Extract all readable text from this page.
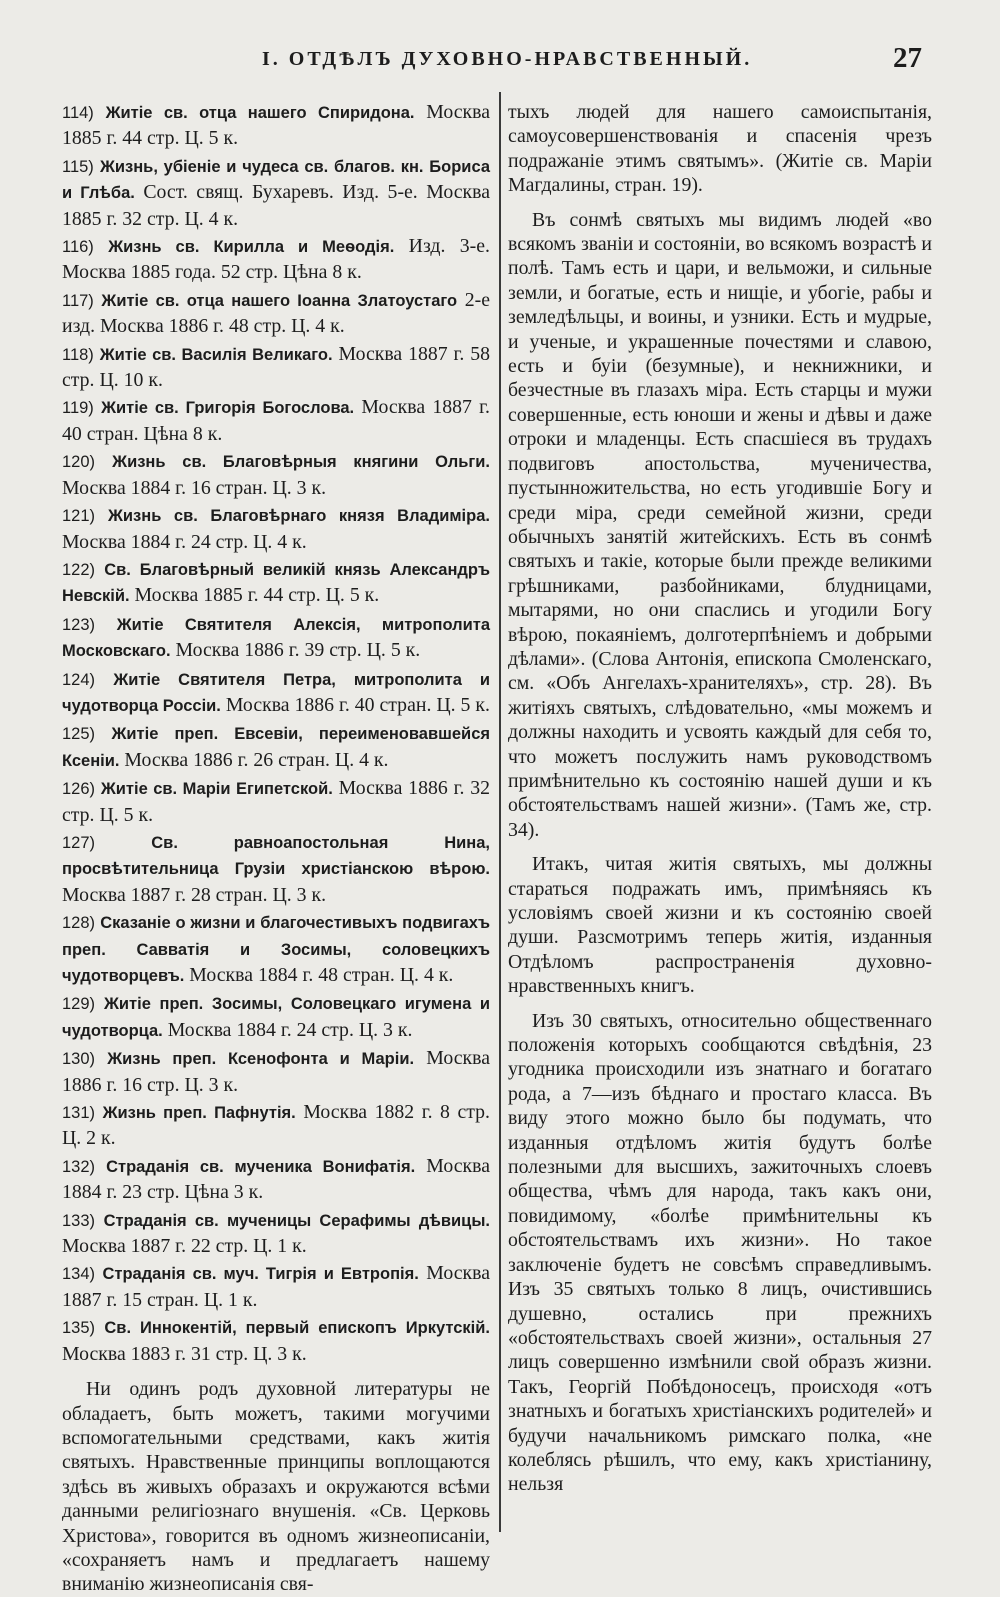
I. ОТДѢЛЪ ДУХОВНО-НРАВСТВЕННЫЙ.	27

114) Житіе св. отца нашего Спиридона. Москва 1885 г. 44 стр. Ц. 5 к.

115) Жизнь, убіеніе и чудеса св. благов. кн. Бориса и Глѣба. Сост. свящ. Бухаревъ. Изд. 5-е. Москва 1885 г. 32 стр. Ц. 4 к.

116) Жизнь св. Кирилла и Меѳодія. Изд. 3-е. Москва 1885 года. 52 стр. Цѣна 8 к.

117) Житіе св. отца нашего Іоанна Златоустаго 2-е изд. Москва 1886 г. 48 стр. Ц. 4 к.

118) Житіе св. Василія Великаго. Москва 1887 г. 58 стр. Ц. 10 к.

119) Житіе св. Григорія Богослова. Москва 1887 г. 40 стран. Цѣна 8 к.

120) Жизнь св. Благовѣрныя княгини Ольги. Москва 1884 г. 16 стран. Ц. 3 к.

121) Жизнь св. Благовѣрнаго князя Владиміра. Москва 1884 г. 24 стр. Ц. 4 к.

122) Св. Благовѣрный великій князь Александръ Невскій. Москва 1885 г. 44 стр. Ц. 5 к.

123) Житіе Святителя Алексія, митрополита Московскаго. Москва 1886 г. 39 стр. Ц. 5 к.

124) Житіе Святителя Петра, митрополита и чудотворца Россіи. Москва 1886 г. 40 стран. Ц. 5 к.

125) Житіе преп. Евсевіи, переименовавшейся Ксеніи. Москва 1886 г. 26 стран. Ц. 4 к.

126) Житіе св. Маріи Египетской. Москва 1886 г. 32 стр. Ц. 5 к.

127)	Св. равноапостольная Нина, просвѣтительница Грузіи христіанскою вѣрою. Москва 1887 г. 28 стран. Ц. 3 к.

128) Сказаніе о жизни и благочестивыхъ подвигахъ преп. Савватія и Зосимы, соловецкихъ чудотворцевъ. Москва 1884 г. 48 стран. Ц. 4 к.

129) Житіе преп. Зосимы, Соловецкаго игумена и чудотворца. Москва 1884 г. 24 стр. Ц. 3 к.

130) Жизнь преп. Ксенофонта и Маріи. Москва 1886 г. 16 стр. Ц. 3 к.

131) Жизнь преп. Пафнутія. Москва 1882 г. 8 стр. Ц. 2 к.

132) Страданія св. мученика Вонифатія. Москва 1884 г. 23 стр. Цѣна 3 к.

133) Страданія св. мученицы Серафимы дѣвицы. Москва 1887 г. 22 стр. Ц. 1 к.

134) Страданія св. муч. Тигрія и Евтропія. Москва 1887 г. 15 стран. Ц. 1 к.

135) Св. Иннокентій, первый епископъ Иркутскій. Москва 1883 г. 31 стр. Ц. 3 к.

Ни одинъ родъ духовной литературы не обладаетъ, быть можетъ, такими могучими вспомогательными средствами, какъ житія святыхъ. Нравственные принципы воплощаются здѣсь въ живыхъ образахъ и окружаются всѣми данными религіознаго внушенія. «Св. Церковь Христова», говорится въ одномъ жизнеописаніи, «сохраняетъ намъ и предлагаетъ нашему вниманію жизнеописанія свя-

тыхъ людей для нашего самоиспытанія, самоусовершенствованія и спасенія чрезъ подражаніе этимъ святымъ». (Житіе св. Маріи Магдалины, стран. 19).

Въ сонмѣ святыхъ мы видимъ людей «во всякомъ званіи и состояніи, во всякомъ возрастѣ и полѣ. Тамъ есть и цари, и вельможи, и сильные земли, и богатые, есть и нищіе, и убогіе, рабы и земледѣльцы, и воины, и узники. Есть и мудрые, и ученые, и украшенные почестями и славою, есть и буіи (безумные), и некнижники, и безчестные въ глазахъ міра. Есть старцы и мужи совершенные, есть юноши и жены и дѣвы и даже отроки и младенцы. Есть спасшіеся въ трудахъ подвиговъ апостольства, мученичества, пустынножительства, но есть угодившіе Богу и среди міра, среди семейной жизни, среди обычныхъ занятій житейскихъ. Есть въ сонмѣ святыхъ и такіе, которые были прежде великими грѣшниками, разбойниками, блудницами, мытарями, но они спаслись и угодили Богу вѣрою, покаяніемъ, долготерпѣніемъ и добрыми дѣлами». (Слова Антонія, епископа Смоленскаго, см. «Объ Ангелахъ-хранителяхъ», стр. 28). Въ житіяхъ святыхъ, слѣдовательно, «мы можемъ и должны находить и усвоять каждый для себя то, что можетъ послужить намъ руководствомъ примѣнительно къ состоянію нашей души и къ обстоятельствамъ нашей жизни». (Тамъ же, стр. 34).

Итакъ, читая житія святыхъ, мы должны стараться подражать имъ, примѣняясь къ условіямъ своей жизни и къ состоянію своей души. Разсмотримъ теперь житія, изданныя Отдѣломъ распространенія духовно-нравственныхъ книгъ.

Изъ 30 святыхъ, относительно общественнаго положенія которыхъ сообщаются свѣдѣнія, 23 угодника происходили изъ знатнаго и богатаго рода, а 7—изъ бѣднаго и простаго класса. Въ виду этого можно было бы подумать, что изданныя отдѣломъ житія будутъ болѣе полезными для высшихъ, зажиточныхъ слоевъ общества, чѣмъ для народа, такъ какъ они, повидимому, «болѣе примѣнительны къ обстоятельствамъ ихъ жизни». Но такое заключеніе будетъ не совсѣмъ справедливымъ. Изъ 35 святыхъ только 8 лицъ, очистившись душевно, остались при прежнихъ «обстоятельствахъ своей жизни», остальныя 27 лицъ совершенно измѣнили свой образъ жизни. Такъ, Георгій Побѣдоносецъ, происходя «отъ знатныхъ и богатыхъ христіанскихъ родителей» и будучи начальникомъ римскаго полка, «не колеблясь рѣшилъ, что ему, какъ христіанину, нельзя
